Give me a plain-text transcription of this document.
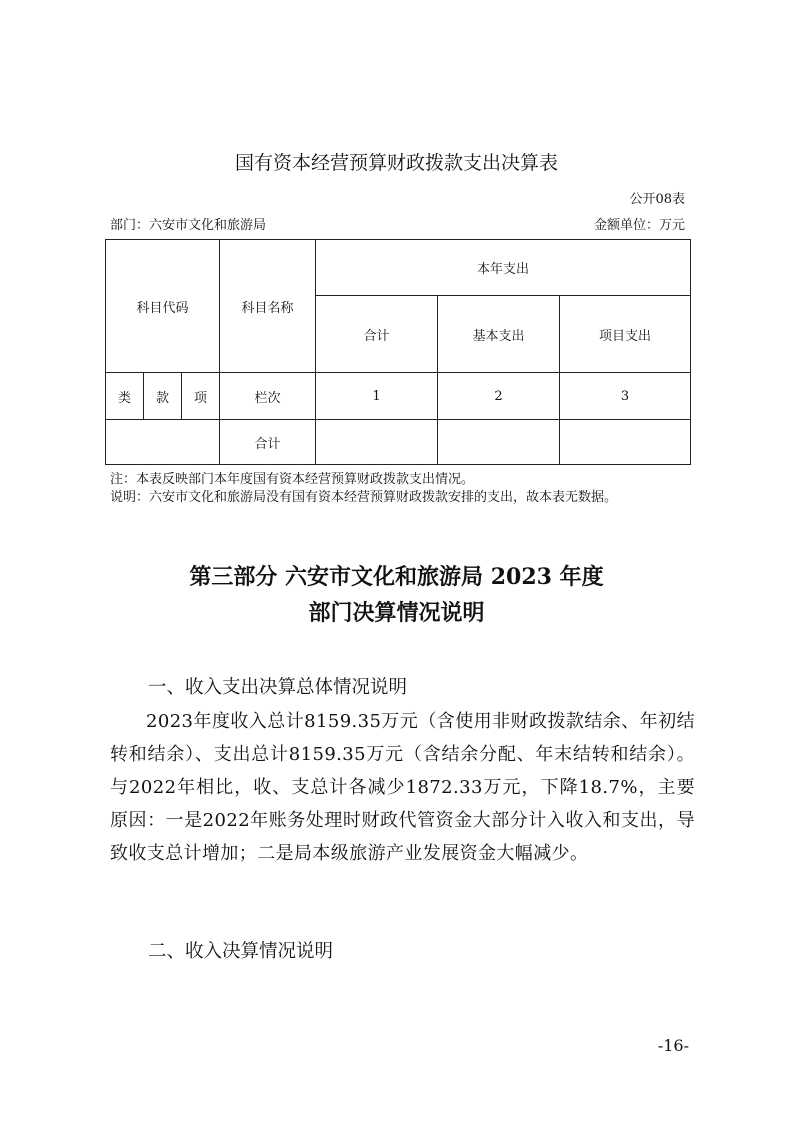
国有资本经营预算财政拨款支出决算表
公开08表
部门：六安市文化和旅游局	金额单位：万元
科目代码			科目名称	本年支出		
				合计	基本支出	项目支出
类	款	项	栏次	1	2	3
			合计			
注：本表反映部门本年度国有资本经营预算财政拨款支出情况。
说明：六安市文化和旅游局没有国有资本经营预算财政拨款安排的支出，故本表无数据。
第三部分 六安市文化和旅游局 2023 年度
部门决算情况说明
一、收入支出决算总体情况说明
2023年度收入总计8159.35万元（含使用非财政拨款结余、年初结转和结余）、支出总计8159.35万元（含结余分配、年末结转和结余）。与2022年相比，收、支总计各减少1872.33万元，下降18.7%，主要原因：一是2022年账务处理时财政代管资金大部分计入收入和支出，导致收支总计增加；二是局本级旅游产业发展资金大幅减少。
二、收入决算情况说明
-16-
